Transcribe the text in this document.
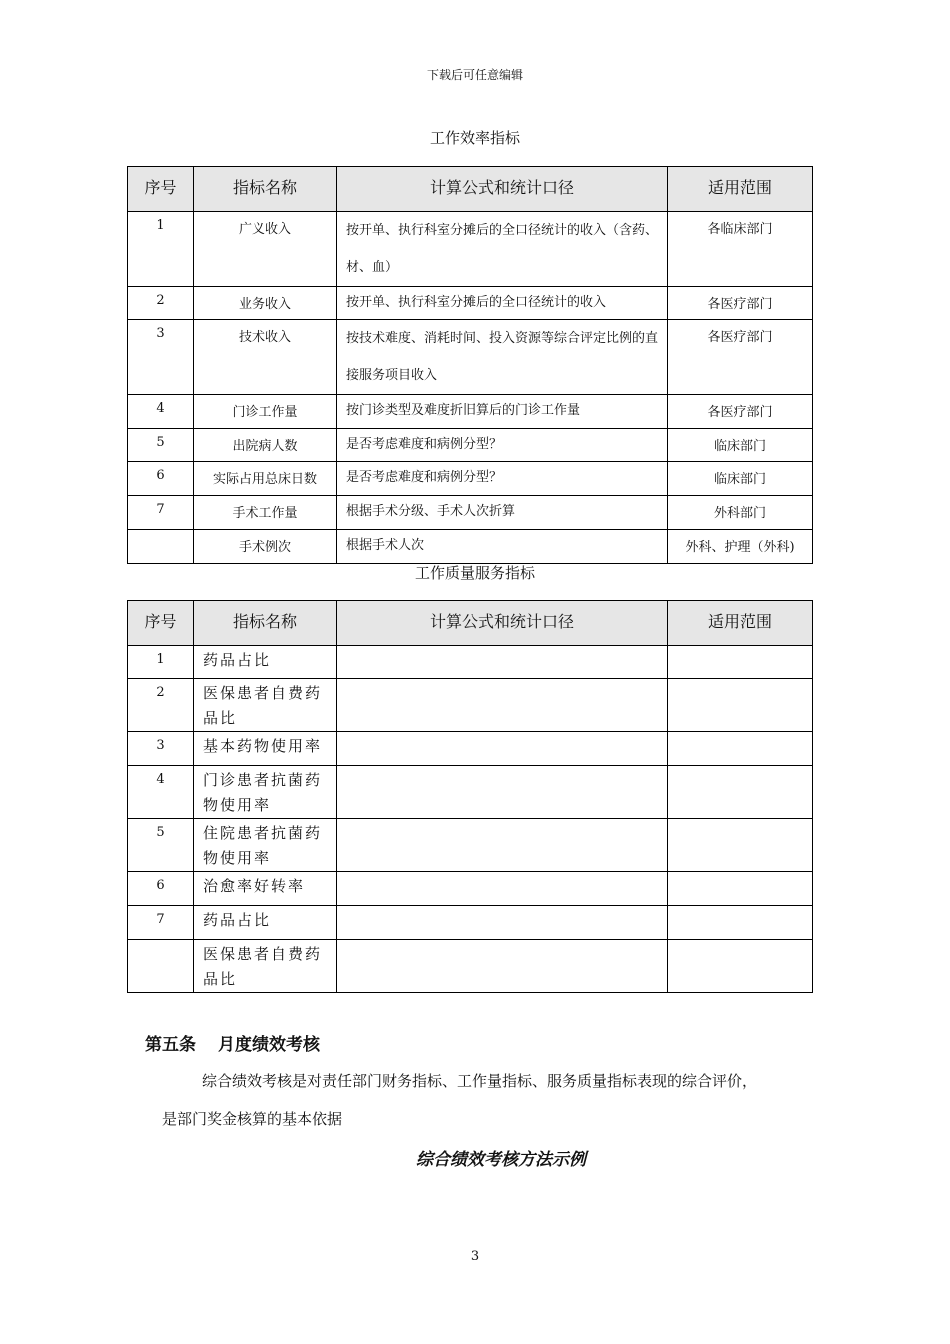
下载后可任意编辑
工作效率指标
序号	指标名称	计算公式和统计口径	适用范围
1	广义收入	按开单、执行科室分摊后的全口径统计的收入（含药、材、血）	各临床部门
2	业务收入	按开单、执行科室分摊后的全口径统计的收入	各医疗部门
3	技术收入	按技术难度、消耗时间、投入资源等综合评定比例的直接服务项目收入	各医疗部门
4	门诊工作量	按门诊类型及难度折旧算后的门诊工作量	各医疗部门
5	出院病人数	是否考虑难度和病例分型？	临床部门
6	实际占用总床日数	是否考虑难度和病例分型？	临床部门
7	手术工作量	根据手术分级、手术人次折算	外科部门
	手术例次	根据手术人次	外科、护理（外科)
工作质量服务指标
序号	指标名称	计算公式和统计口径	适用范围
1	药品占比		
2	医保患者自费药品比		
3	基本药物使用率		
4	门诊患者抗菌药物使用率		
5	住院患者抗菌药物使用率		
6	治愈率好转率		
7	药品占比		
	医保患者自费药品比		
第五条 月度绩效考核
综合绩效考核是对责任部门财务指标、工作量指标、服务质量指标表现的综合评价，
是部门奖金核算的基本依据
综合绩效考核方法示例
3
